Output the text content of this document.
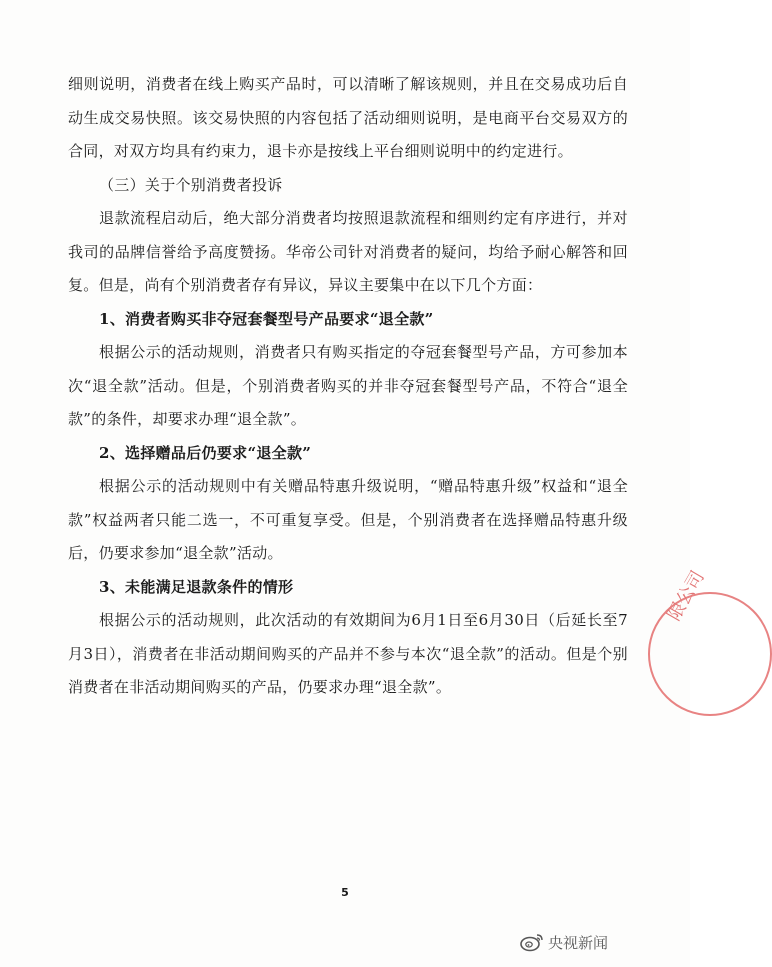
细则说明，消费者在线上购买产品时，可以清晰了解该规则，并且在交易成功后自动生成交易快照。该交易快照的内容包括了活动细则说明，是电商平台交易双方的合同，对双方均具有约束力，退卡亦是按线上平台细则说明中的约定进行。

（三）关于个别消费者投诉

退款流程启动后，绝大部分消费者均按照退款流程和细则约定有序进行，并对我司的品牌信誉给予高度赞扬。华帝公司针对消费者的疑问，均给予耐心解答和回复。但是，尚有个别消费者存有异议，异议主要集中在以下几个方面：

1、消费者购买非夺冠套餐型号产品要求“退全款”

根据公示的活动规则，消费者只有购买指定的夺冠套餐型号产品，方可参加本次“退全款”活动。但是，个别消费者购买的并非夺冠套餐型号产品，不符合“退全款”的条件，却要求办理“退全款”。

2、选择赠品后仍要求“退全款”

根据公示的活动规则中有关赠品特惠升级说明，“赠品特惠升级”权益和“退全款”权益两者只能二选一，不可重复享受。但是，个别消费者在选择赠品特惠升级后，仍要求参加“退全款”活动。

3、未能满足退款条件的情形

根据公示的活动规则，此次活动的有效期间为6月1日至6月30日（后延长至7月3日），消费者在非活动期间购买的产品并不参与本次“退全款”的活动。但是个别消费者在非活动期间购买的产品，仍要求办理“退全款”。

5
限公司
央视新闻
